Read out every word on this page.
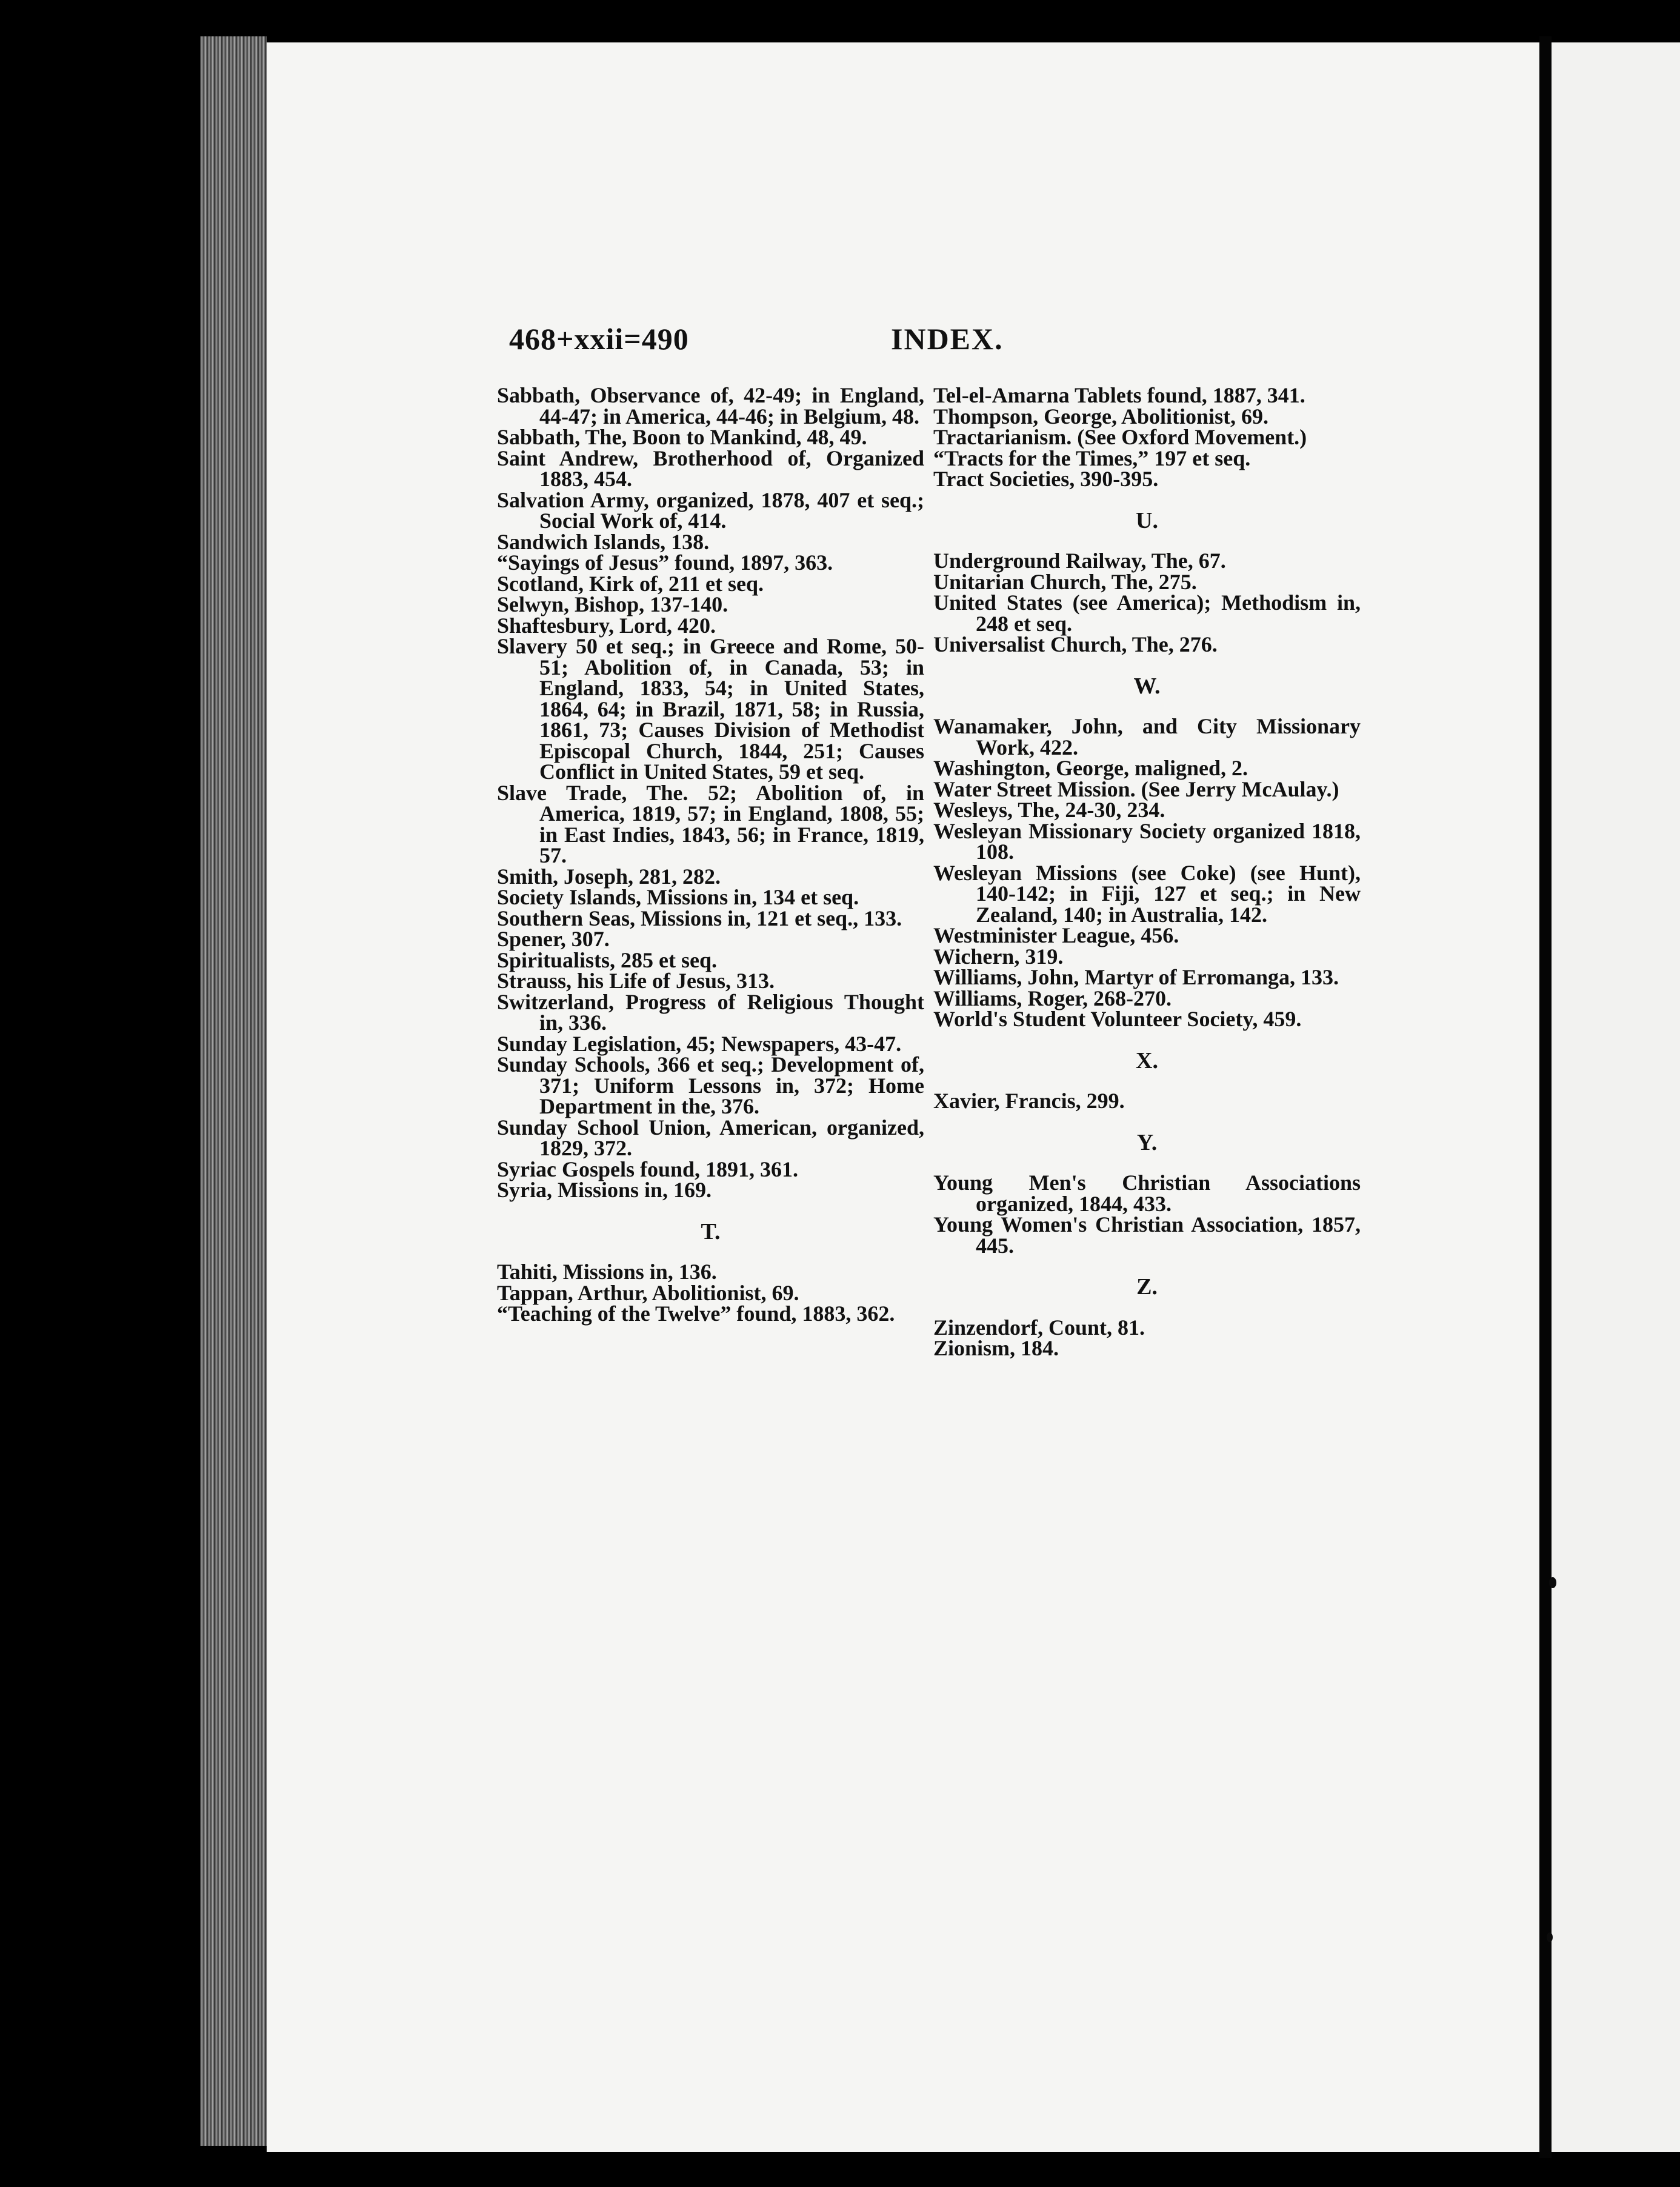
468+xxii=490	INDEX.

Sabbath, Observance of, 42-49; in England, 44-47; in America, 44-46; in Belgium, 48.

Sabbath, The, Boon to Mankind, 48, 49.

Saint Andrew, Brotherhood of, Organized 1883, 454.

Salvation Army, organized, 1878, 407 et seq.; Social Work of, 414.

Sandwich Islands, 138.

“Sayings of Jesus” found, 1897, 363.

Scotland, Kirk of, 211 et seq.

Selwyn, Bishop, 137-140.

Shaftesbury, Lord, 420.

Slavery 50 et seq.; in Greece and Rome, 50-51; Abolition of, in Canada, 53; in England, 1833, 54; in United States, 1864, 64; in Brazil, 1871, 58; in Russia, 1861, 73; Causes Division of Methodist Episcopal Church, 1844, 251; Causes Conflict in United States, 59 et seq.

Slave Trade, The. 52; Abolition of, in America, 1819, 57; in England, 1808, 55; in East Indies, 1843, 56; in France, 1819, 57.

Smith, Joseph, 281, 282.

Society Islands, Missions in, 134 et seq.

Southern Seas, Missions in, 121 et seq., 133.

Spener, 307.

Spiritualists, 285 et seq.

Strauss, his Life of Jesus, 313.

Switzerland, Progress of Religious Thought in, 336.

Sunday Legislation, 45; Newspapers, 43-47.

Sunday Schools, 366 et seq.; Development of, 371; Uniform Lessons in, 372; Home Department in the, 376.

Sunday School Union, American, organized, 1829, 372.

Syriac Gospels found, 1891, 361.

Syria, Missions in, 169.

T.

Tahiti, Missions in, 136.

Tappan, Arthur, Abolitionist, 69.

“Teaching of the Twelve” found, 1883, 362.

Tel-el-Amarna Tablets found, 1887, 341.

Thompson, George, Abolitionist, 69.

Tractarianism. (See Oxford Movement.)

“Tracts for the Times,” 197 et seq.

Tract Societies, 390-395.

U.

Underground Railway, The, 67.

Unitarian Church, The, 275.

United States (see America); Methodism in, 248 et seq.

Universalist Church, The, 276.

W.

Wanamaker, John, and City Missionary Work, 422.

Washington, George, maligned, 2.

Water Street Mission. (See Jerry McAulay.)

Wesleys, The, 24-30, 234.

Wesleyan Missionary Society organized 1818, 108.

Wesleyan Missions (see Coke) (see Hunt), 140-142; in Fiji, 127 et seq.; in New Zealand, 140; in Australia, 142.

Westminister League, 456.

Wichern, 319.

Williams, John, Martyr of Erromanga, 133.

Williams, Roger, 268-270.

World's Student Volunteer Society, 459.

X.

Xavier, Francis, 299.

Y.

Young Men's Christian Associations organized, 1844, 433.

Young Women's Christian Association, 1857, 445.

Z.

Zinzendorf, Count, 81.

Zionism, 184.
